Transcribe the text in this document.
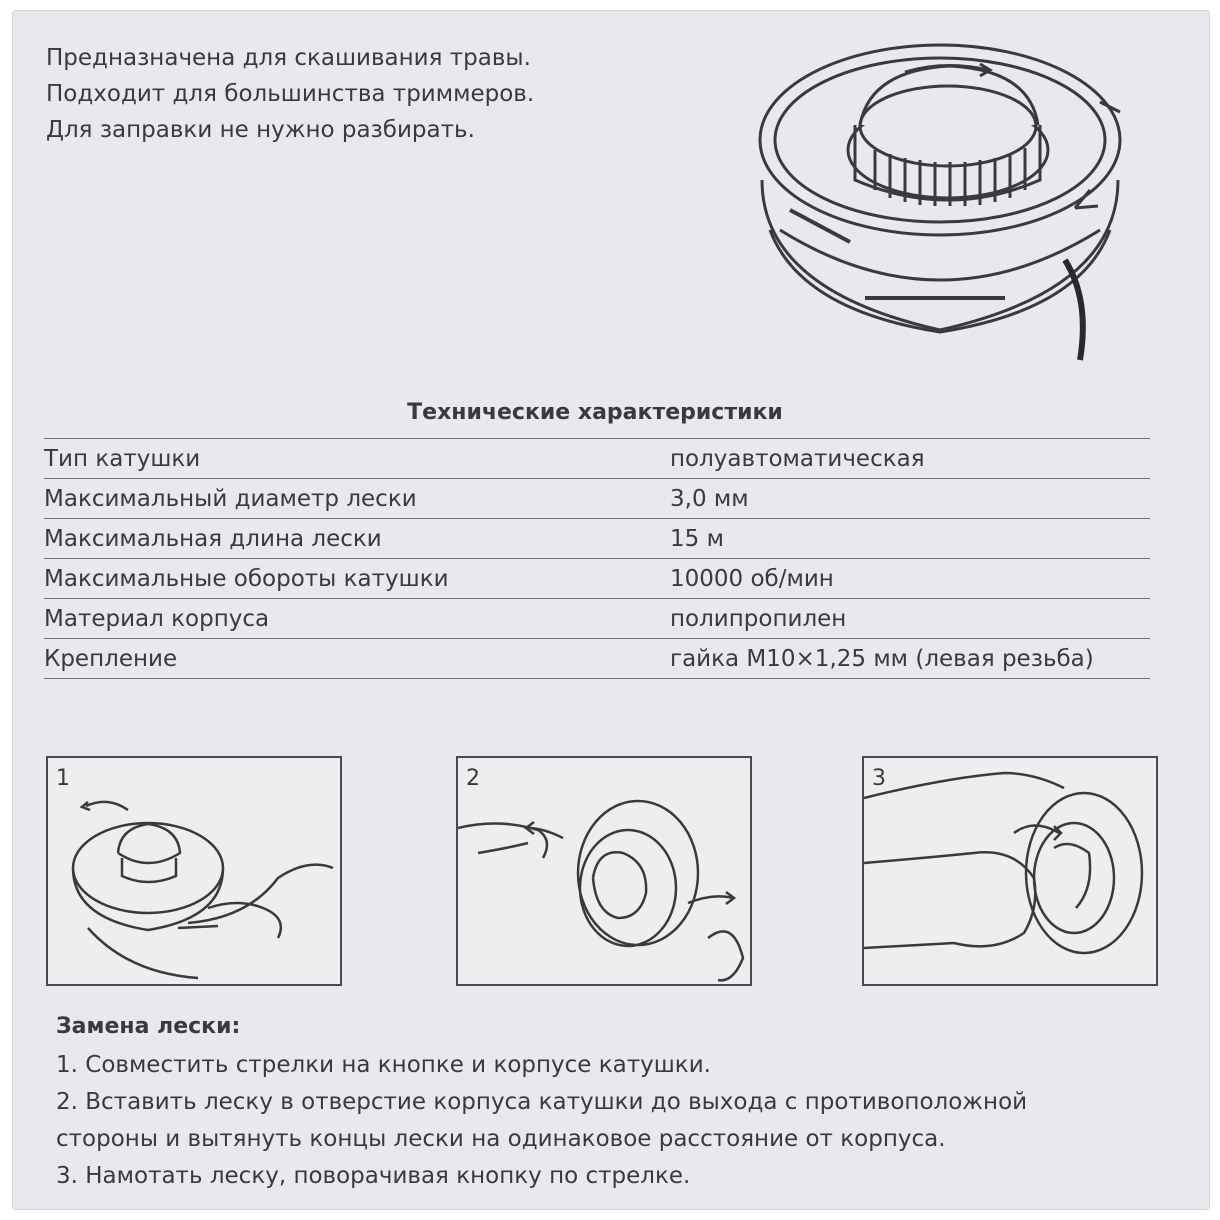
Предназначена для скашивания травы.
Подходит для большинства триммеров.
Для заправки не нужно разбирать.
Технические характеристики
Тип катушки	полуавтоматическая
Максимальный диаметр лески	3,0 мм
Максимальная длина лески	15 м
Максимальные обороты катушки	10000 об/мин
Материал корпуса	полипропилен
Крепление	гайка М10×1,25 мм (левая резьба)
1	2	3
Замена лески:
1. Совместить стрелки на кнопке и корпусе катушки.
2. Вставить леску в отверстие корпуса катушки до выхода с противоположной
стороны и вытянуть концы лески на одинаковое расстояние от корпуса.
3. Намотать леску, поворачивая кнопку по стрелке.
